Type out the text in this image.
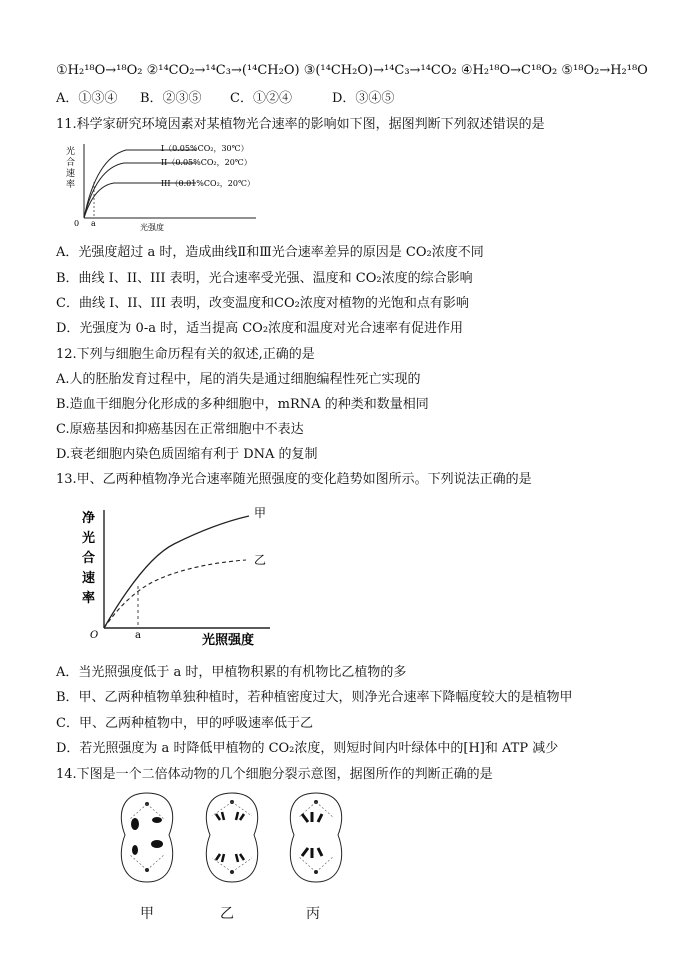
①H₂¹⁸O→¹⁸O₂ ②¹⁴CO₂→¹⁴C₃→(¹⁴CH₂O) ③(¹⁴CH₂O)→¹⁴C₃→¹⁴CO₂ ④H₂¹⁸O→C¹⁸O₂ ⑤¹⁸O₂→H₂¹⁸O
A．①③④ B．②③⑤ C．①②④	D．③④⑤
11.科学家研究环境因素对某植物光合速率的影响如下图，据图判断下列叙述错误的是
光合速率
I（0.05%CO₂，30℃）
II（0.05%CO₂，20℃）
III（0.01%CO₂，20℃）
0 a	光强度
A．光强度超过 a 时，造成曲线Ⅱ和Ⅲ光合速率差异的原因是 CO₂浓度不同
B．曲线 I、II、III 表明，光合速率受光强、温度和 CO₂浓度的综合影响
C．曲线 I、II、III 表明，改变温度和CO₂浓度对植物的光饱和点有影响
D．光强度为 0-a 时，适当提高 CO₂浓度和温度对光合速率有促进作用
12.下列与细胞生命历程有关的叙述,正确的是
A.人的胚胎发育过程中，尾的消失是通过细胞编程性死亡实现的
B.造血干细胞分化形成的多种细胞中，mRNA 的种类和数量相同
C.原癌基因和抑癌基因在正常细胞中不表达
D.衰老细胞内染色质固缩有利于 DNA 的复制
13.甲、乙两种植物净光合速率随光照强度的变化趋势如图所示。下列说法正确的是
净
光
合
速
率
甲
乙
O	a	光照强度
A．当光照强度低于 a 时，甲植物积累的有机物比乙植物的多
B．甲、乙两种植物单独种植时，若种植密度过大，则净光合速率下降幅度较大的是植物甲
C．甲、乙两种植物中，甲的呼吸速率低于乙
D．若光照强度为 a 时降低甲植物的 CO₂浓度，则短时间内叶绿体中的[H]和 ATP 减少
14.下图是一个二倍体动物的几个细胞分裂示意图，据图所作的判断正确的是
甲	乙	丙
